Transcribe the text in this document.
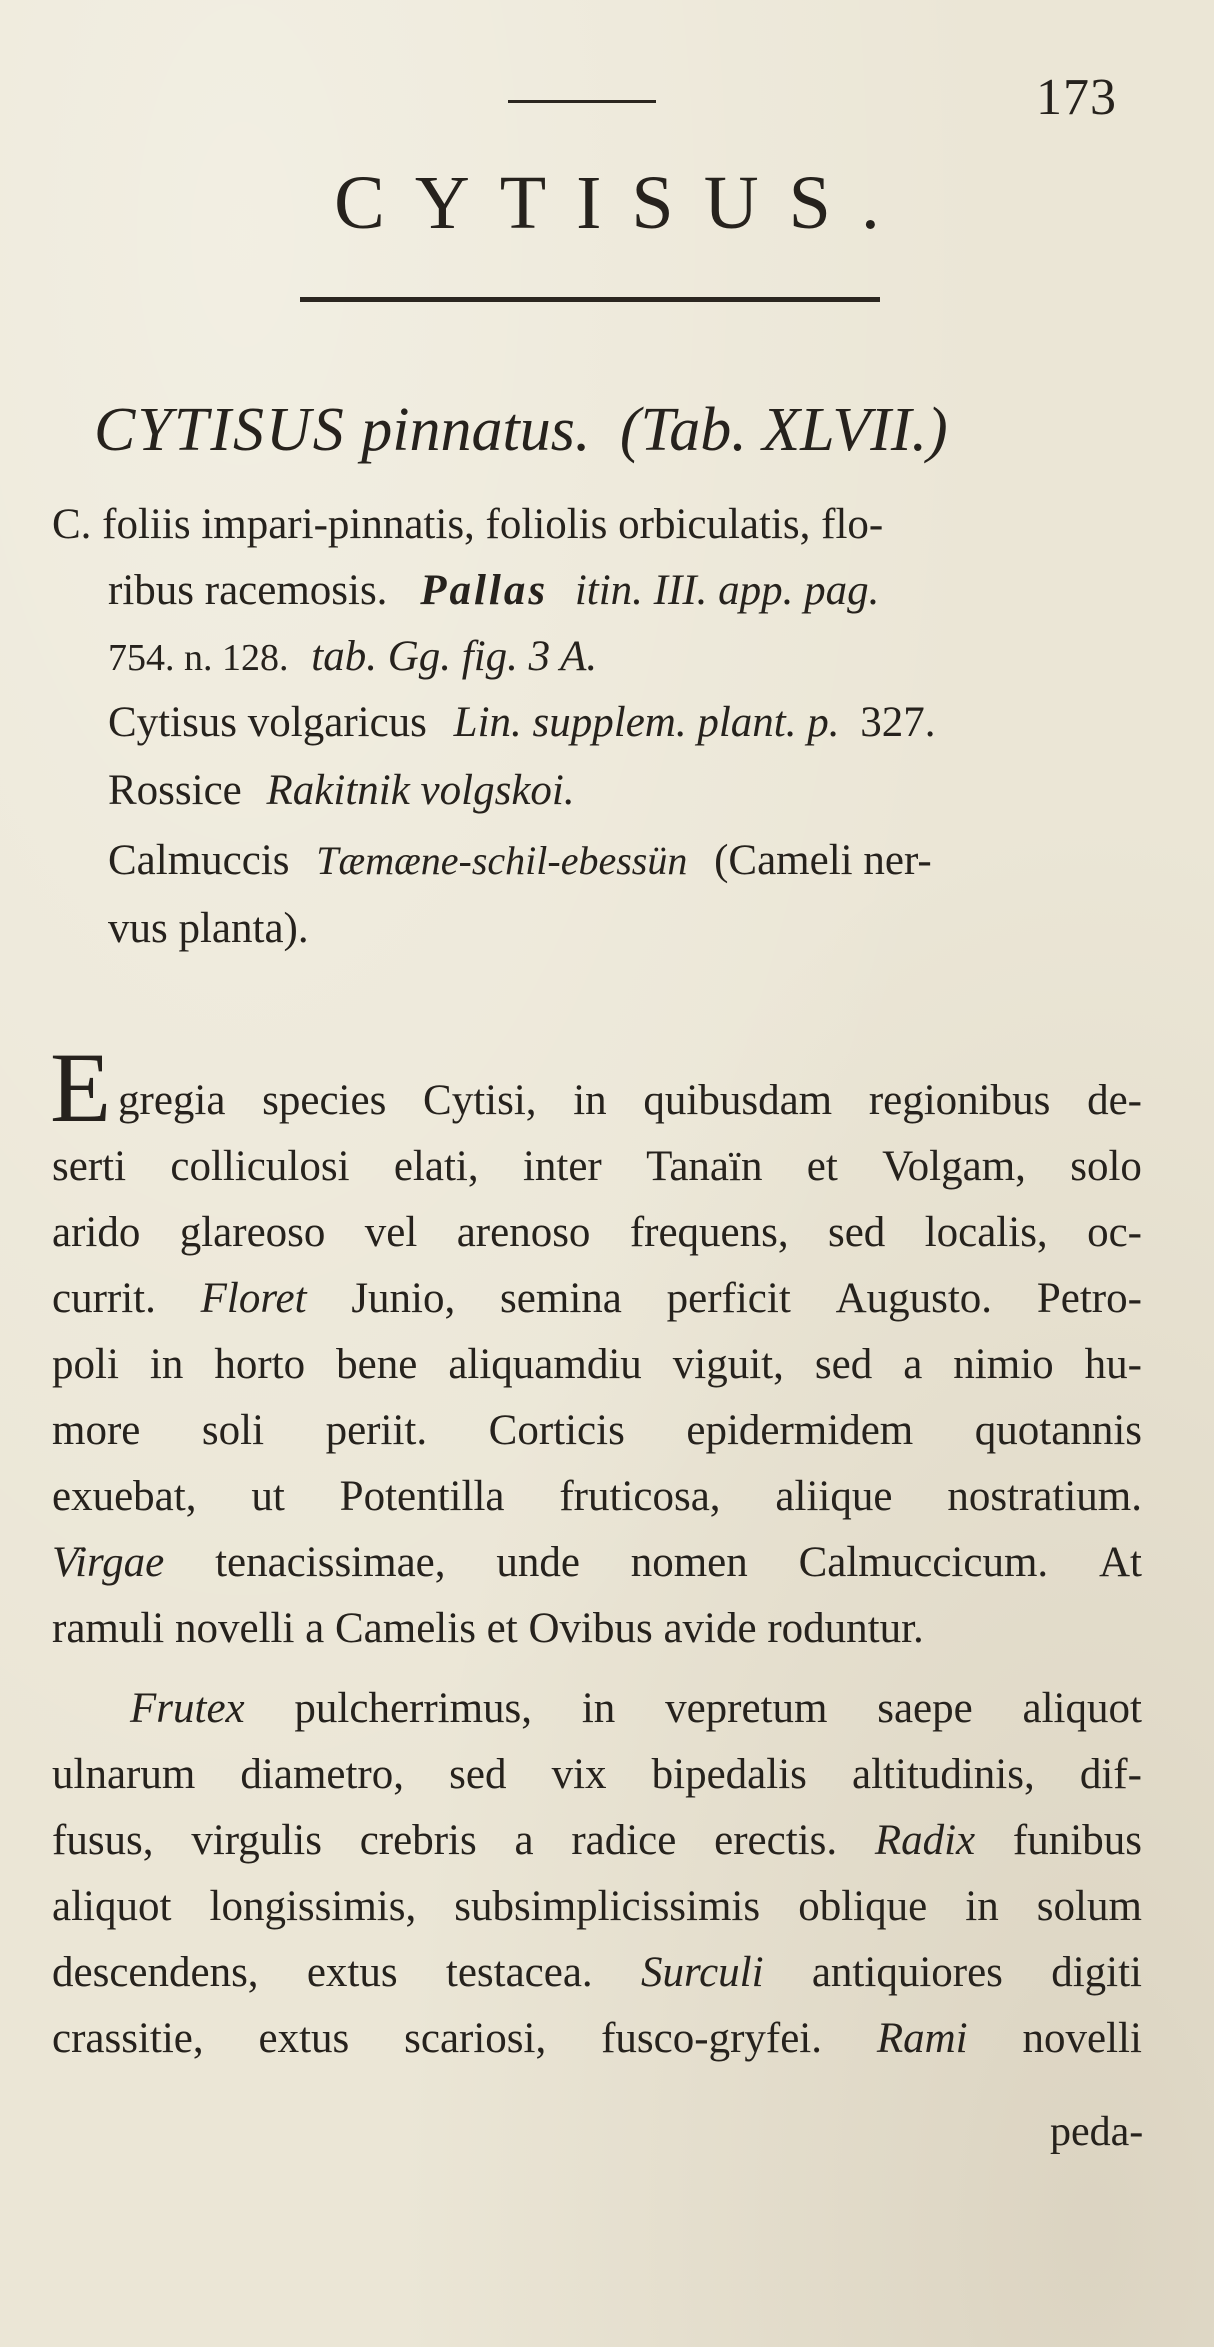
173
CYTISUS.
CYTISUS pinnatus. (Tab. XLVII.)
C. foliis impari-pinnatis, foliolis orbiculatis, flo-
ribus racemosis. Pallas itin. III. app. pag.
754. n. 128. tab. Gg. fig. 3 A.
Cytisus volgaricus Lin. supplem. plant. p. 327.
Rossice Rakitnik volgskoi.
Calmuccis Tæmæne-schil-ebessün (Cameli ner-
vus planta).
E gregia species Cytisi, in quibusdam regionibus de-
serti colliculosi elati, inter Tanaïn et Volgam, solo
arido glareoso vel arenoso frequens, sed localis, oc-
currit. Floret Junio, semina perficit Augusto. Petro-
poli in horto bene aliquamdiu viguit, sed a nimio hu-
more soli periit. Corticis epidermidem quotannis
exuebat, ut Potentilla fruticosa, aliique nostratium.
Virgae tenacissimae, unde nomen Calmuccicum. At
ramuli novelli a Camelis et Ovibus avide roduntur.
Frutex pulcherrimus, in vepretum saepe aliquot
ulnarum diametro, sed vix bipedalis altitudinis, dif-
fusus, virgulis crebris a radice erectis. Radix funibus
aliquot longissimis, subsimplicissimis oblique in solum
descendens, extus testacea. Surculi antiquiores digiti
crassitie, extus scariosi, fusco-gryfei. Rami novelli
peda-
